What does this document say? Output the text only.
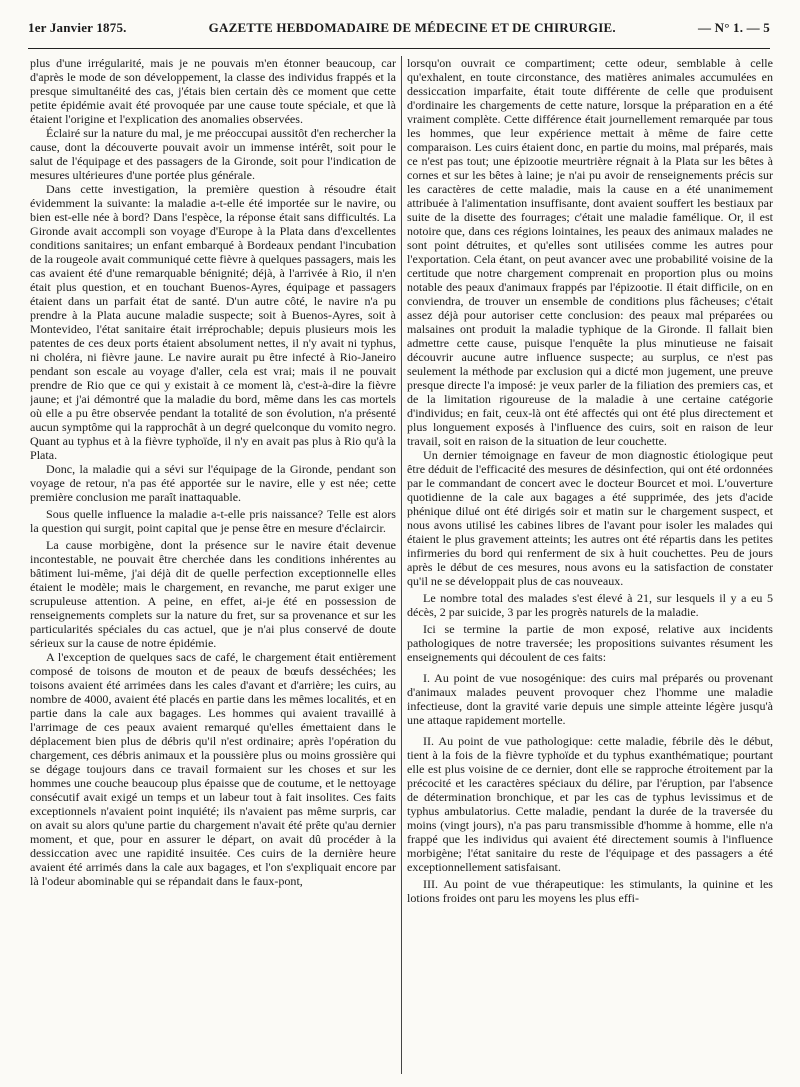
1er Janvier 1875.	GAZETTE HEBDOMADAIRE DE MÉDECINE ET DE CHIRURGIE.	— N° 1. — 5

plus d'une irrégularité, mais je ne pouvais m'en étonner beaucoup, car d'après le mode de son développement, la classe des individus frappés et la presque simultanéité des cas, j'étais bien certain dès ce moment que cette petite épidémie avait été provoquée par une cause toute spéciale, et que là étaient l'origine et l'explication des anomalies observées.

Éclairé sur la nature du mal, je me préoccupai aussitôt d'en rechercher la cause, dont la découverte pouvait avoir un immense intérêt, soit pour le salut de l'équipage et des passagers de la Gironde, soit pour l'indication de mesures ultérieures d'une portée plus générale.

Dans cette investigation, la première question à résoudre était évidemment la suivante: la maladie a-t-elle été importée sur le navire, ou bien est-elle née à bord? Dans l'espèce, la réponse était sans difficultés. La Gironde avait accompli son voyage d'Europe à la Plata dans d'excellentes conditions sanitaires; un enfant embarqué à Bordeaux pendant l'incubation de la rougeole avait communiqué cette fièvre à quelques passagers, mais les cas avaient été d'une remarquable bénignité; déjà, à l'arrivée à Rio, il n'en était plus question, et en touchant Buenos-Ayres, équipage et passagers étaient dans un parfait état de santé. D'un autre côté, le navire n'a pu prendre à la Plata aucune maladie suspecte; soit à Buenos-Ayres, soit à Montevideo, l'état sanitaire était irréprochable; depuis plusieurs mois les patentes de ces deux ports étaient absolument nettes, il n'y avait ni typhus, ni choléra, ni fièvre jaune. Le navire aurait pu être infecté à Rio-Janeiro pendant son escale au voyage d'aller, cela est vrai; mais il ne pouvait prendre de Rio que ce qui y existait à ce moment là, c'est-à-dire la fièvre jaune; et j'ai démontré que la maladie du bord, même dans les cas mortels où elle a pu être observée pendant la totalité de son évolution, n'a présenté aucun symptôme qui la rapprochât à un degré quelconque du vomito negro. Quant au typhus et à la fièvre typhoïde, il n'y en avait pas plus à Rio qu'à la Plata.

Donc, la maladie qui a sévi sur l'équipage de la Gironde, pendant son voyage de retour, n'a pas été apportée sur le navire, elle y est née; cette première conclusion me paraît inattaquable.

Sous quelle influence la maladie a-t-elle pris naissance? Telle est alors la question qui surgit, point capital que je pense être en mesure d'éclaircir.

La cause morbigène, dont la présence sur le navire était devenue incontestable, ne pouvait être cherchée dans les conditions inhérentes au bâtiment lui-même, j'ai déjà dit de quelle perfection exceptionnelle elles étaient le modèle; mais le chargement, en revanche, me parut exiger une scrupuleuse attention. A peine, en effet, ai-je été en possession de renseignements complets sur la nature du fret, sur sa provenance et sur les particularités spéciales du cas actuel, que je n'ai plus conservé de doute sérieux sur la cause de notre épidémie.

A l'exception de quelques sacs de café, le chargement était entièrement composé de toisons de mouton et de peaux de bœufs desséchées; les toisons avaient été arrimées dans les cales d'avant et d'arrière; les cuirs, au nombre de 4000, avaient été placés en partie dans les mêmes localités, et en partie dans la cale aux bagages. Les hommes qui avaient travaillé à l'arrimage de ces peaux avaient remarqué qu'elles émettaient dans le déplacement bien plus de débris qu'il n'est ordinaire; après l'opération du chargement, ces débris animaux et la poussière plus ou moins grossière qui se dégage toujours dans ce travail formaient sur les choses et sur les hommes une couche beaucoup plus épaisse que de coutume, et le nettoyage consécutif avait exigé un temps et un labeur tout à fait insolites. Ces faits exceptionnels n'avaient point inquiété; ils n'avaient pas même surpris, car on avait su alors qu'une partie du chargement n'avait été prête qu'au dernier moment, et que, pour en assurer le départ, on avait dû procéder à la dessiccation avec une rapidité insuitée. Ces cuirs de la dernière heure avaient été arrimés dans la cale aux bagages, et l'on s'expliquait encore par là l'odeur abominable qui se répandait dans le faux-pont,

lorsqu'on ouvrait ce compartiment; cette odeur, semblable à celle qu'exhalent, en toute circonstance, des matières animales accumulées en dessiccation imparfaite, était toute différente de celle que produisent d'ordinaire les chargements de cette nature, lorsque la préparation en a été vraiment complète. Cette différence était journellement remarquée par tous les hommes, que leur expérience mettait à même de faire cette comparaison. Les cuirs étaient donc, en partie du moins, mal préparés, mais ce n'est pas tout; une épizootie meurtrière régnait à la Plata sur les bêtes à cornes et sur les bêtes à laine; je n'ai pu avoir de renseignements précis sur les caractères de cette maladie, mais la cause en a été unanimement attribuée à l'alimentation insuffisante, dont avaient souffert les bestiaux par suite de la disette des fourrages; c'était une maladie famélique. Or, il est notoire que, dans ces régions lointaines, les peaux des animaux malades ne sont point détruites, et qu'elles sont utilisées comme les autres pour l'exportation. Cela étant, on peut avancer avec une probabilité voisine de la certitude que notre chargement comprenait en proportion plus ou moins notable des peaux d'animaux frappés par l'épizootie. Il était difficile, on en conviendra, de trouver un ensemble de conditions plus fâcheuses; c'était assez déjà pour autoriser cette conclusion: des peaux mal préparées ou malsaines ont produit la maladie typhique de la Gironde. Il fallait bien admettre cette cause, puisque l'enquête la plus minutieuse ne faisait découvrir aucune autre influence suspecte; au surplus, ce n'est pas seulement la méthode par exclusion qui a dicté mon jugement, une preuve presque directe l'a imposé: je veux parler de la filiation des premiers cas, et de la limitation rigoureuse de la maladie à une certaine catégorie d'individus; en fait, ceux-là ont été affectés qui ont été plus directement et plus longuement exposés à l'influence des cuirs, soit en raison de leur travail, soit en raison de la situation de leur couchette.

Un dernier témoignage en faveur de mon diagnostic étiologique peut être déduit de l'efficacité des mesures de désinfection, qui ont été ordonnées par le commandant de concert avec le docteur Bourcet et moi. L'ouverture quotidienne de la cale aux bagages a été supprimée, des jets d'acide phénique dilué ont été dirigés soir et matin sur le chargement suspect, et nous avons utilisé les cabines libres de l'avant pour isoler les malades qui étaient le plus gravement atteints; les autres ont été répartis dans les petites infirmeries du bord qui renferment de six à huit couchettes. Peu de jours après le début de ces mesures, nous avons eu la satisfaction de constater qu'il ne se développait plus de cas nouveaux.

Le nombre total des malades s'est élevé à 21, sur lesquels il y a eu 5 décès, 2 par suicide, 3 par les progrès naturels de la maladie.

Ici se termine la partie de mon exposé, relative aux incidents pathologiques de notre traversée; les propositions suivantes résument les enseignements qui découlent de ces faits:

I. Au point de vue nosogénique: des cuirs mal préparés ou provenant d'animaux malades peuvent provoquer chez l'homme une maladie infectieuse, dont la gravité varie depuis une simple atteinte légère jusqu'à une attaque rapidement mortelle.

II. Au point de vue pathologique: cette maladie, fébrile dès le début, tient à la fois de la fièvre typhoïde et du typhus exanthématique; pourtant elle est plus voisine de ce dernier, dont elle se rapproche étroitement par la précocité et les caractères spéciaux du délire, par l'éruption, par l'absence de détermination bronchique, et par les cas de typhus levissimus et de typhus ambulatorius. Cette maladie, pendant la durée de la traversée du moins (vingt jours), n'a pas paru transmissible d'homme à homme, elle n'a frappé que les individus qui avaient été directement soumis à l'influence morbigène; l'état sanitaire du reste de l'équipage et des passagers a été exceptionnellement satisfaisant.

III. Au point de vue thérapeutique: les stimulants, la quinine et les lotions froides ont paru les moyens les plus effi-
